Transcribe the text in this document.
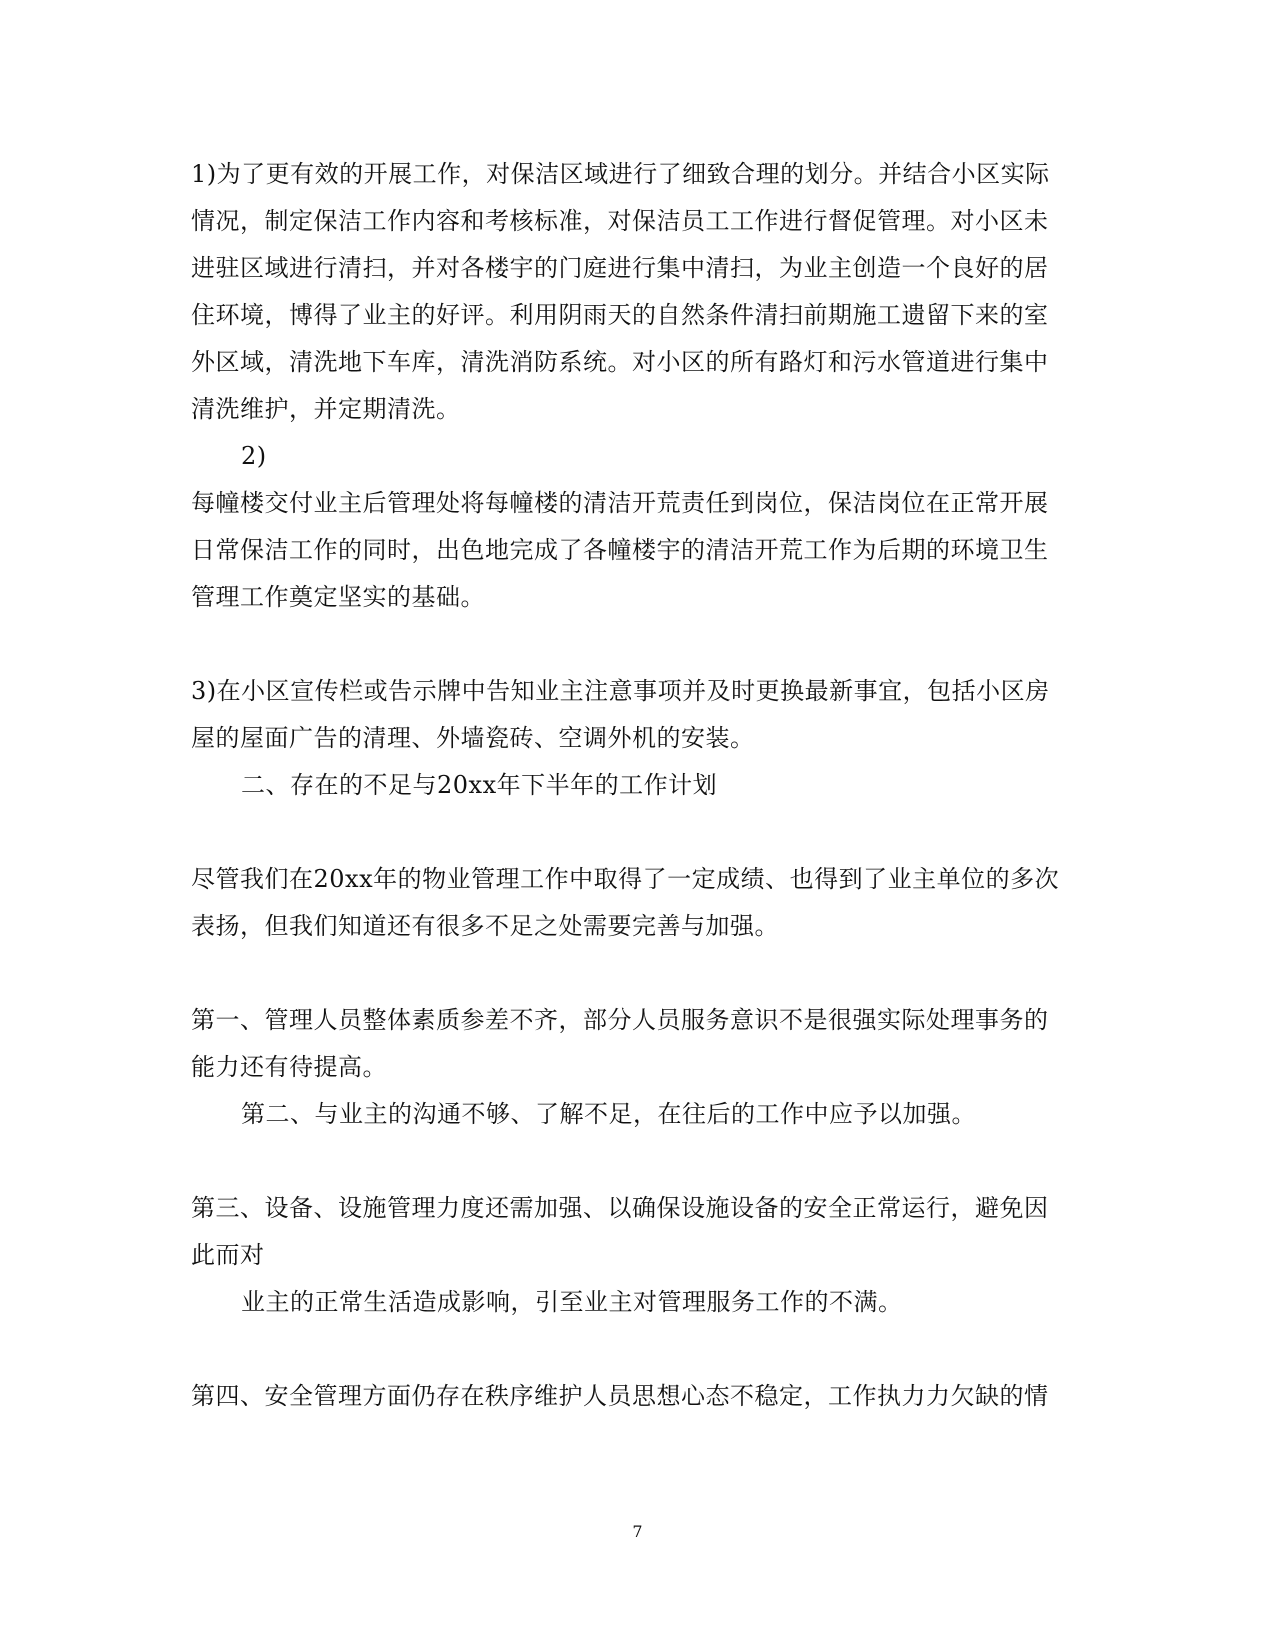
1)为了更有效的开展工作，对保洁区域进行了细致合理的划分。并结合小区实际
情况，制定保洁工作内容和考核标准，对保洁员工工作进行督促管理。对小区未
进驻区域进行清扫，并对各楼宇的门庭进行集中清扫，为业主创造一个良好的居
住环境，博得了业主的好评。利用阴雨天的自然条件清扫前期施工遗留下来的室
外区域，清洗地下车库，清洗消防系统。对小区的所有路灯和污水管道进行集中
清洗维护，并定期清洗。
2)
每幢楼交付业主后管理处将每幢楼的清洁开荒责任到岗位，保洁岗位在正常开展
日常保洁工作的同时，出色地完成了各幢楼宇的清洁开荒工作为后期的环境卫生
管理工作奠定坚实的基础。
3)在小区宣传栏或告示牌中告知业主注意事项并及时更换最新事宜，包括小区房
屋的屋面广告的清理、外墙瓷砖、空调外机的安装。
二、存在的不足与20xx年下半年的工作计划
尽管我们在20xx年的物业管理工作中取得了一定成绩、也得到了业主单位的多次
表扬，但我们知道还有很多不足之处需要完善与加强。
第一、管理人员整体素质参差不齐，部分人员服务意识不是很强实际处理事务的
能力还有待提高。
第二、与业主的沟通不够、了解不足，在往后的工作中应予以加强。
第三、设备、设施管理力度还需加强、以确保设施设备的安全正常运行，避免因
此而对
业主的正常生活造成影响，引至业主对管理服务工作的不满。
第四、安全管理方面仍存在秩序维护人员思想心态不稳定，工作执力力欠缺的情
7
